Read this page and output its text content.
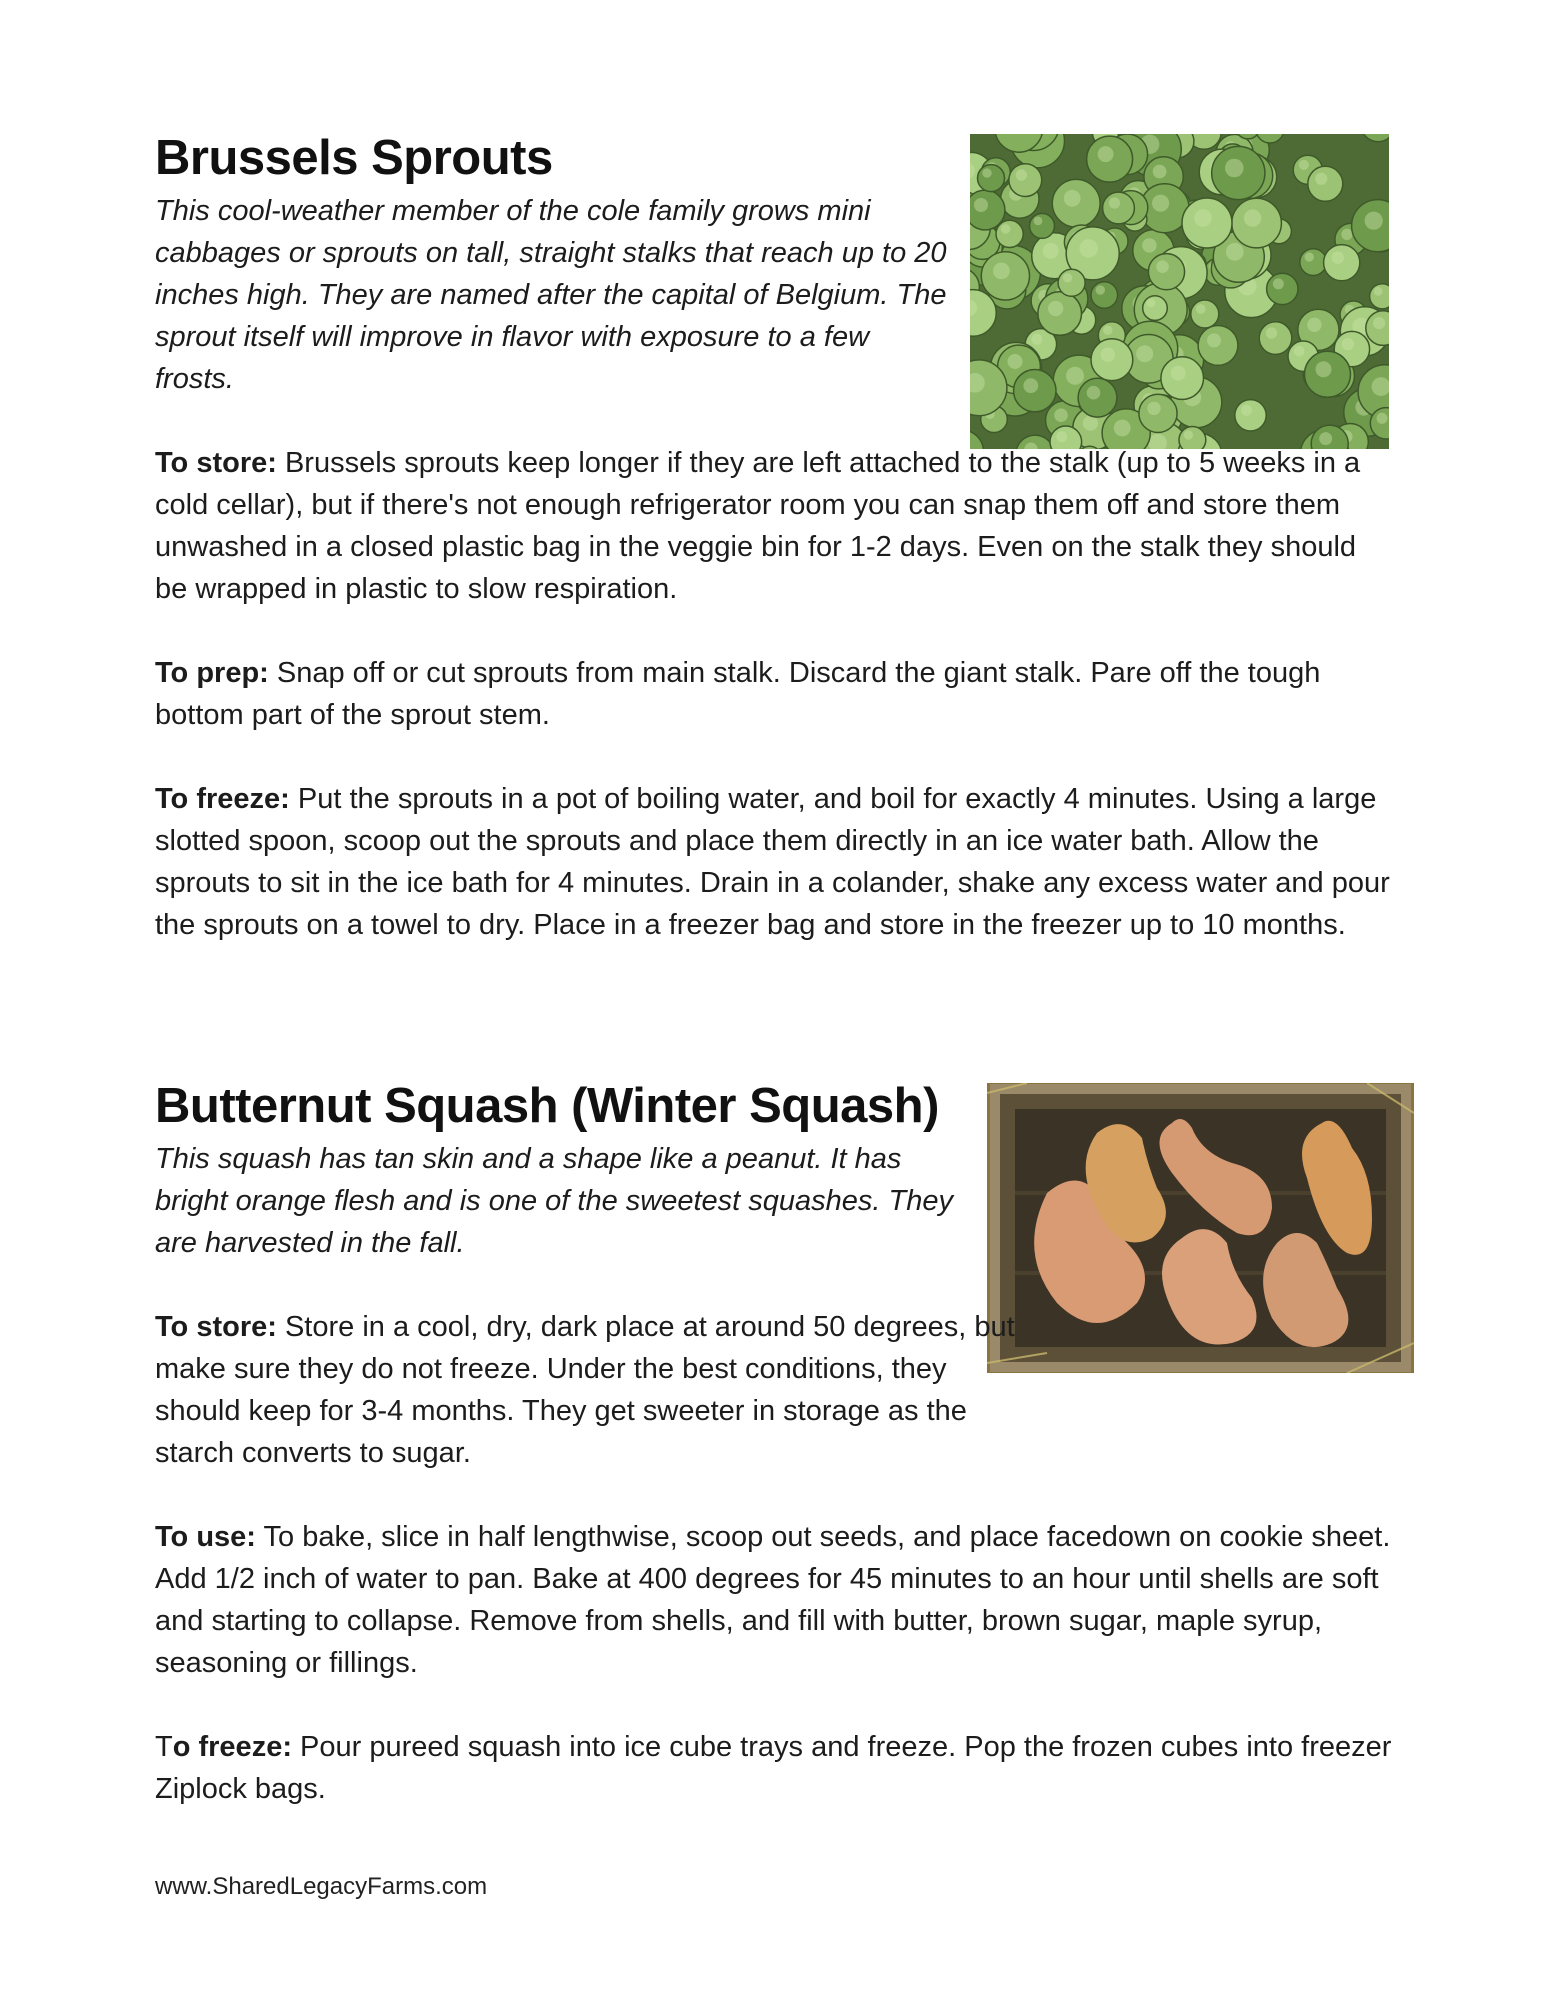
Brussels Sprouts

This cool-weather member of the cole family grows mini cabbages or sprouts on tall, straight stalks that reach up to 20 inches high. They are named after the capital of Belgium. The sprout itself will improve in flavor with exposure to a few frosts.

To store: Brussels sprouts keep longer if they are left attached to the stalk (up to 5 weeks in a cold cellar), but if there's not enough refrigerator room you can snap them off and store them unwashed in a closed plastic bag in the veggie bin for 1-2 days. Even on the stalk they should be wrapped in plastic to slow respiration.

To prep: Snap off or cut sprouts from main stalk. Discard the giant stalk. Pare off the tough bottom part of the sprout stem.

To freeze: Put the sprouts in a pot of boiling water, and boil for exactly 4 minutes. Using a large slotted spoon, scoop out the sprouts and place them directly in an ice water bath. Allow the sprouts to sit in the ice bath for 4 minutes. Drain in a colander, shake any excess water and pour the sprouts on a towel to dry. Place in a freezer bag and store in the freezer up to 10 months.

Butternut Squash (Winter Squash)

This squash has tan skin and a shape like a peanut. It has bright orange flesh and is one of the sweetest squashes. They are harvested in the fall.

To store: Store in a cool, dry, dark place at around 50 degrees, but make sure they do not freeze. Under the best conditions, they should keep for 3-4 months. They get sweeter in storage as the starch converts to sugar.

To use: To bake, slice in half lengthwise, scoop out seeds, and place facedown on cookie sheet. Add 1/2 inch of water to pan. Bake at 400 degrees for 45 minutes to an hour until shells are soft and starting to collapse. Remove from shells, and fill with butter, brown sugar, maple syrup, seasoning or fillings.

To freeze: Pour pureed squash into ice cube trays and freeze. Pop the frozen cubes into freezer Ziplock bags.

www.SharedLegacyFarms.com
